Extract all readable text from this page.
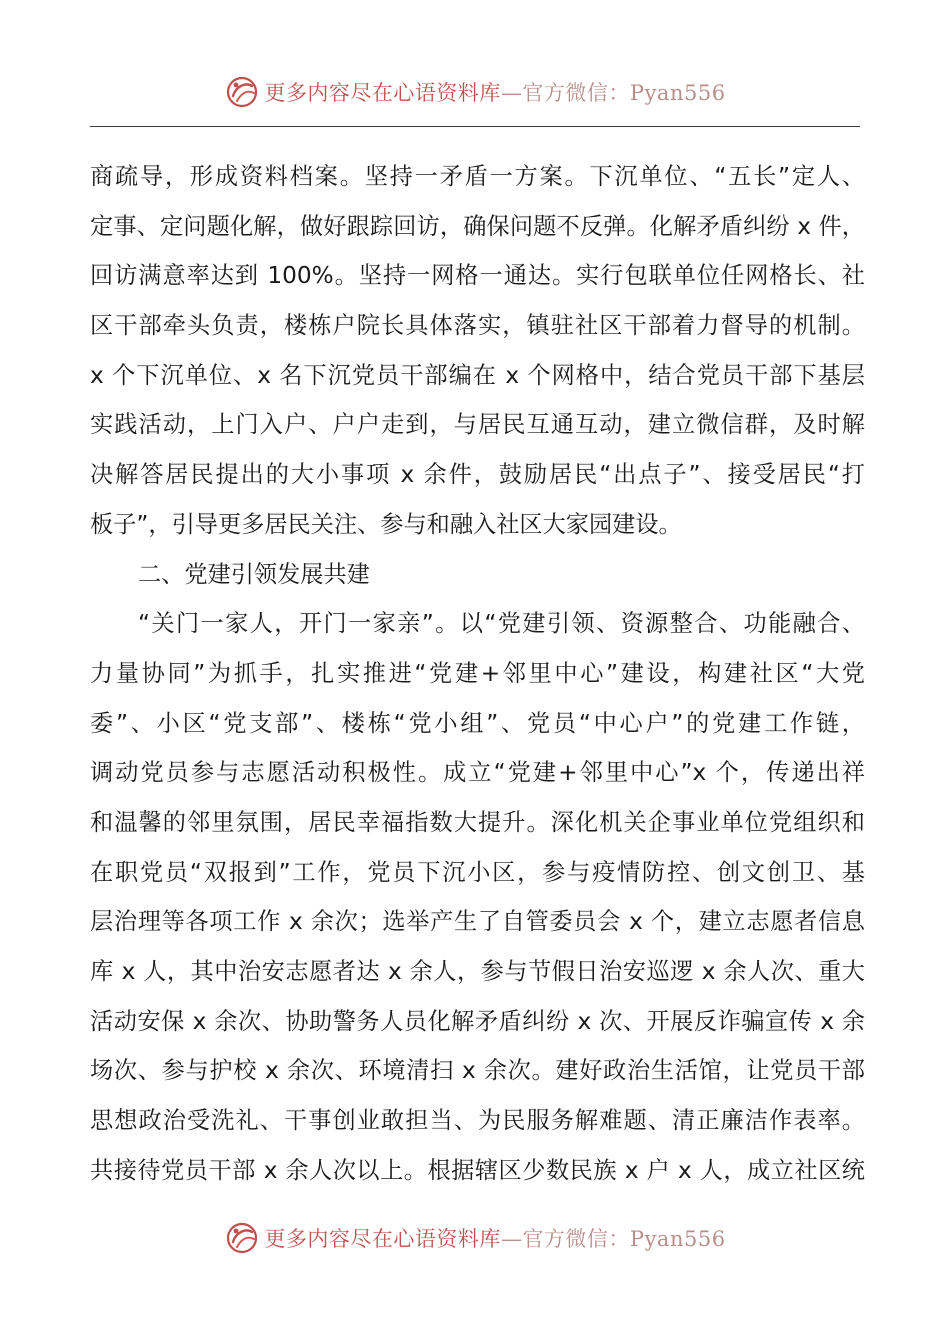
更多内容尽在心语资料库—官方微信：Pyan556
商疏导，形成资料档案。坚持一矛盾一方案。下沉单位、“五长”定人、
定事、定问题化解，做好跟踪回访，确保问题不反弹。化解矛盾纠纷 x 件，
回访满意率达到 100%。坚持一网格一通达。实行包联单位任网格长、社
区干部牵头负责，楼栋户院长具体落实，镇驻社区干部着力督导的机制。
x 个下沉单位、x 名下沉党员干部编在 x 个网格中，结合党员干部下基层
实践活动，上门入户、户户走到，与居民互通互动，建立微信群，及时解
决解答居民提出的大小事项 x 余件，鼓励居民“出点子”、接受居民“打
板子”，引导更多居民关注、参与和融入社区大家园建设。
二、党建引领发展共建
“关门一家人，开门一家亲”。以“党建引领、资源整合、功能融合、
力量协同”为抓手，扎实推进“党建+邻里中心”建设，构建社区“大党
委”、小区“党支部”、楼栋“党小组”、党员“中心户”的党建工作链，
调动党员参与志愿活动积极性。成立“党建+邻里中心”x 个，传递出祥
和温馨的邻里氛围，居民幸福指数大提升。深化机关企事业单位党组织和
在职党员“双报到”工作，党员下沉小区，参与疫情防控、创文创卫、基
层治理等各项工作 x 余次；选举产生了自管委员会 x 个，建立志愿者信息
库 x 人，其中治安志愿者达 x 余人，参与节假日治安巡逻 x 余人次、重大
活动安保 x 余次、协助警务人员化解矛盾纠纷 x 次、开展反诈骗宣传 x 余
场次、参与护校 x 余次、环境清扫 x 余次。建好政治生活馆，让党员干部
思想政治受洗礼、干事创业敢担当、为民服务解难题、清正廉洁作表率。
共接待党员干部 x 余人次以上。根据辖区少数民族 x 户 x 人，成立社区统
更多内容尽在心语资料库—官方微信：Pyan556
